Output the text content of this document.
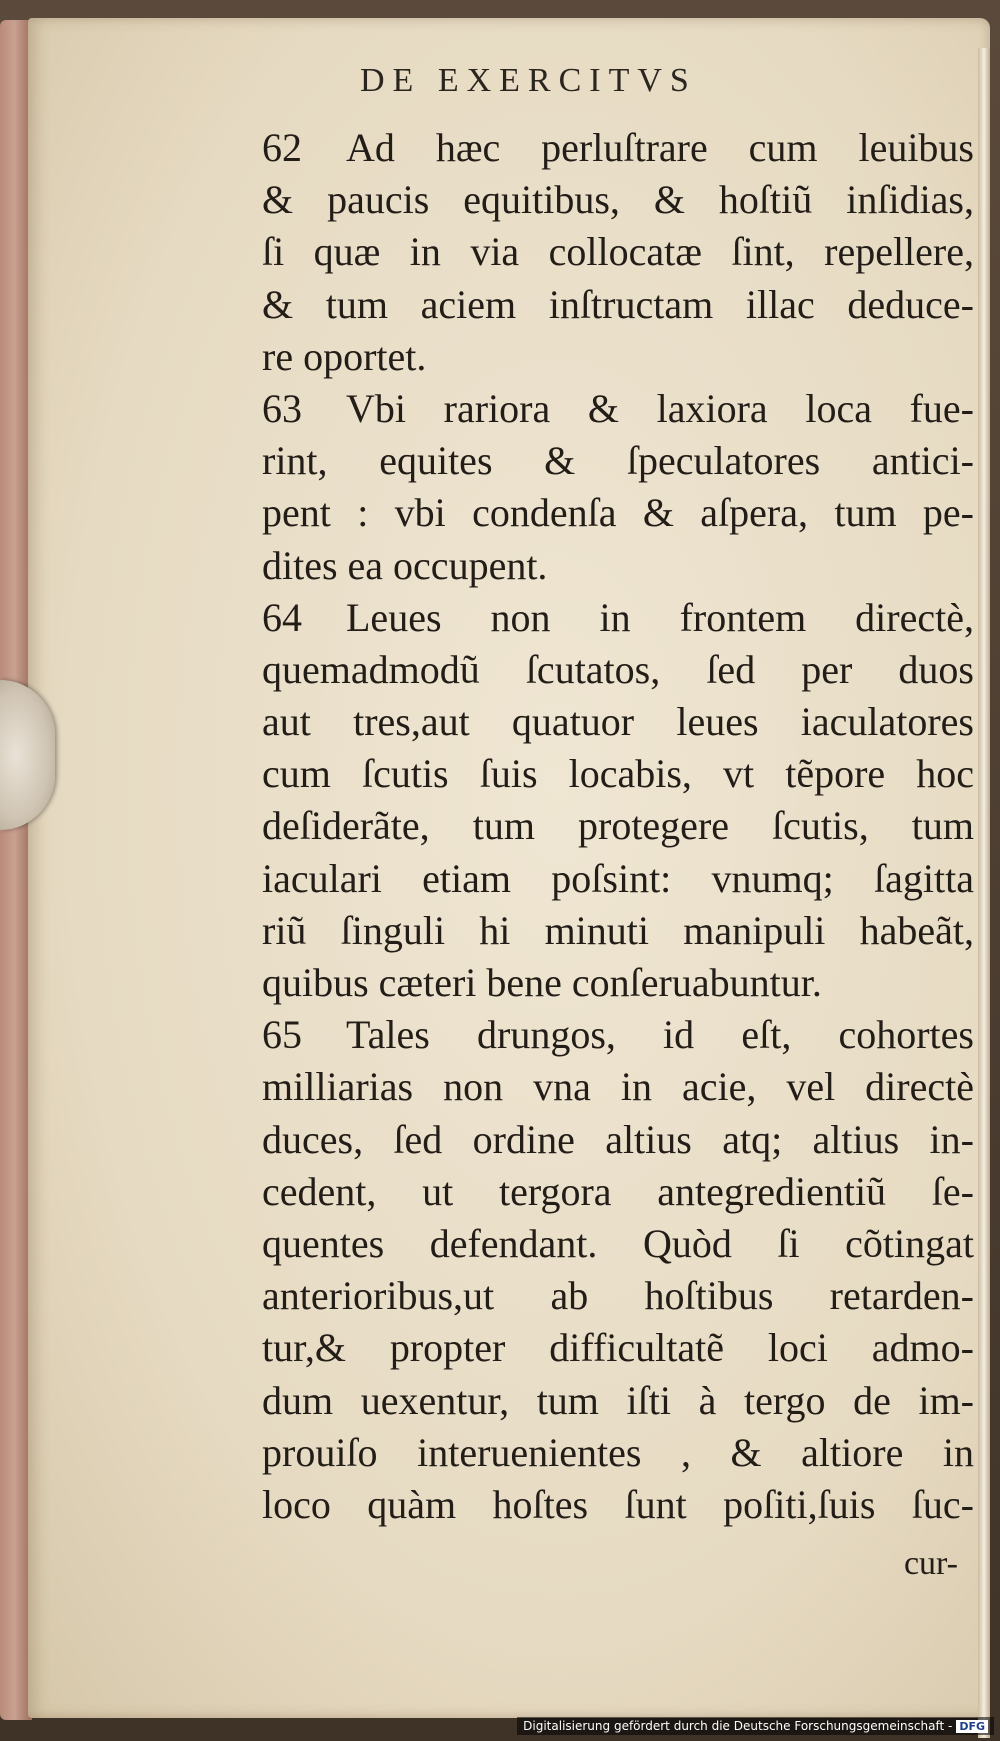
DE EXERCITVS
62 Ad hæc perluſtrare cum leuibus
& paucis equitibus, & hoſtiũ inſidias,
ſi quæ in via collocatæ ſint, repellere,
& tum aciem inſtructam illac deduce-
re oportet.
63 Vbi rariora & laxiora loca fue-
rint, equites & ſpeculatores antici-
pent : vbi condenſa & aſpera, tum pe-
dites ea occupent.
64 Leues non in frontem directè,
quemadmodũ ſcutatos, ſed per duos
aut tres,aut quatuor leues iaculatores
cum ſcutis ſuis locabis, vt tẽpore hoc
deſiderãte, tum protegere ſcutis, tum
iaculari etiam poſsint: vnumq; ſagitta
riũ ſinguli hi minuti manipuli habeãt,
quibus cæteri bene conſeruabuntur.
65 Tales drungos, id eſt, cohortes
milliarias non vna in acie, vel directè
duces, ſed ordine altius atq; altius in-
cedent, ut tergora antegredientiũ ſe-
quentes defendant. Quòd ſi cõtingat
anterioribus,ut ab hoſtibus retarden-
tur,& propter difficultatẽ loci admo-
dum uexentur, tum iſti à tergo de im-
prouiſo interuenientes , & altiore in
loco quàm hoſtes ſunt poſiti,ſuis ſuc-
cur-
Digitalisierung gefördert durch die Deutsche Forschungsgemeinschaft - DFG
